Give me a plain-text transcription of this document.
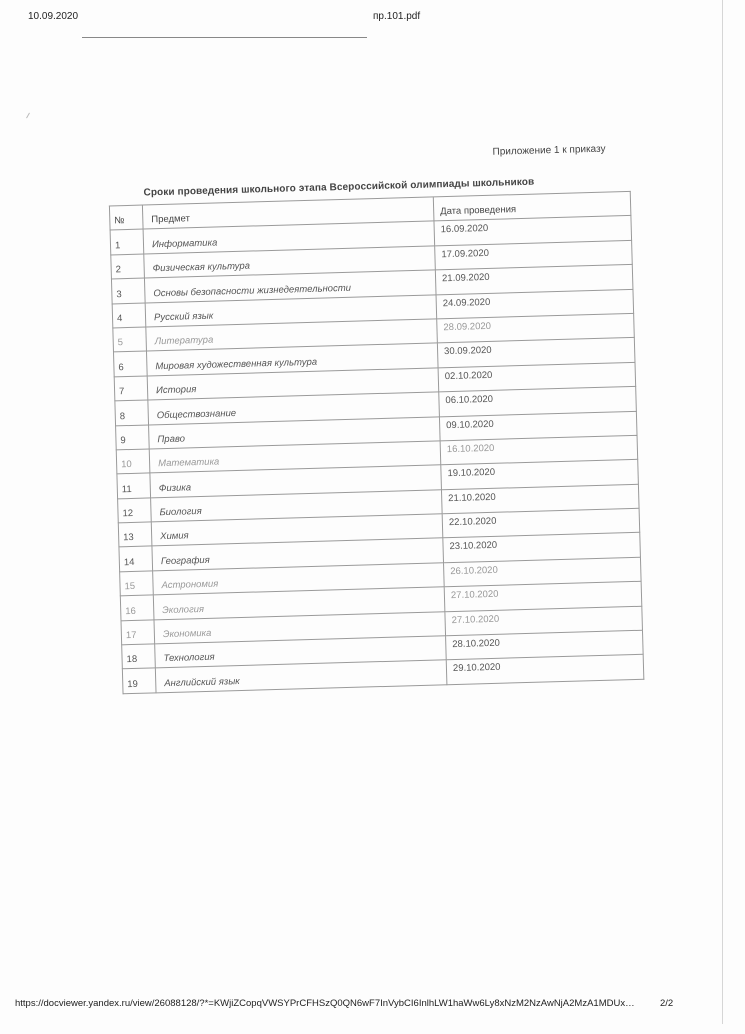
10.09.2020	пр.101.pdf
Приложение 1 к приказу
Сроки проведения школьного этапа Всероссийской олимпиады школьников
№	Предмет	Дата проведения
1	Информатика	16.09.2020
2	Физическая культура	17.09.2020
3	Основы безопасности жизнедеятельности	21.09.2020
4	Русский язык	24.09.2020
5	Литература	28.09.2020
6	Мировая художественная культура	30.09.2020
7	История	02.10.2020
8	Обществознание	06.10.2020
9	Право	09.10.2020
10	Математика	16.10.2020
11	Физика	19.10.2020
12	Биология	21.10.2020
13	Химия	22.10.2020
14	География	23.10.2020
15	Астрономия	26.10.2020
16	Экология	27.10.2020
17	Экономика	27.10.2020
18	Технология	28.10.2020
19	Английский язык	29.10.2020
https://docviewer.yandex.ru/view/26088128/?*=KWjiZCopqVWSYPrCFHSzQ0QN6wF7InVybCI6InlhLW1haWw6Ly8xNzM2NzAwNjA2MzA1MDUx…	2/2
